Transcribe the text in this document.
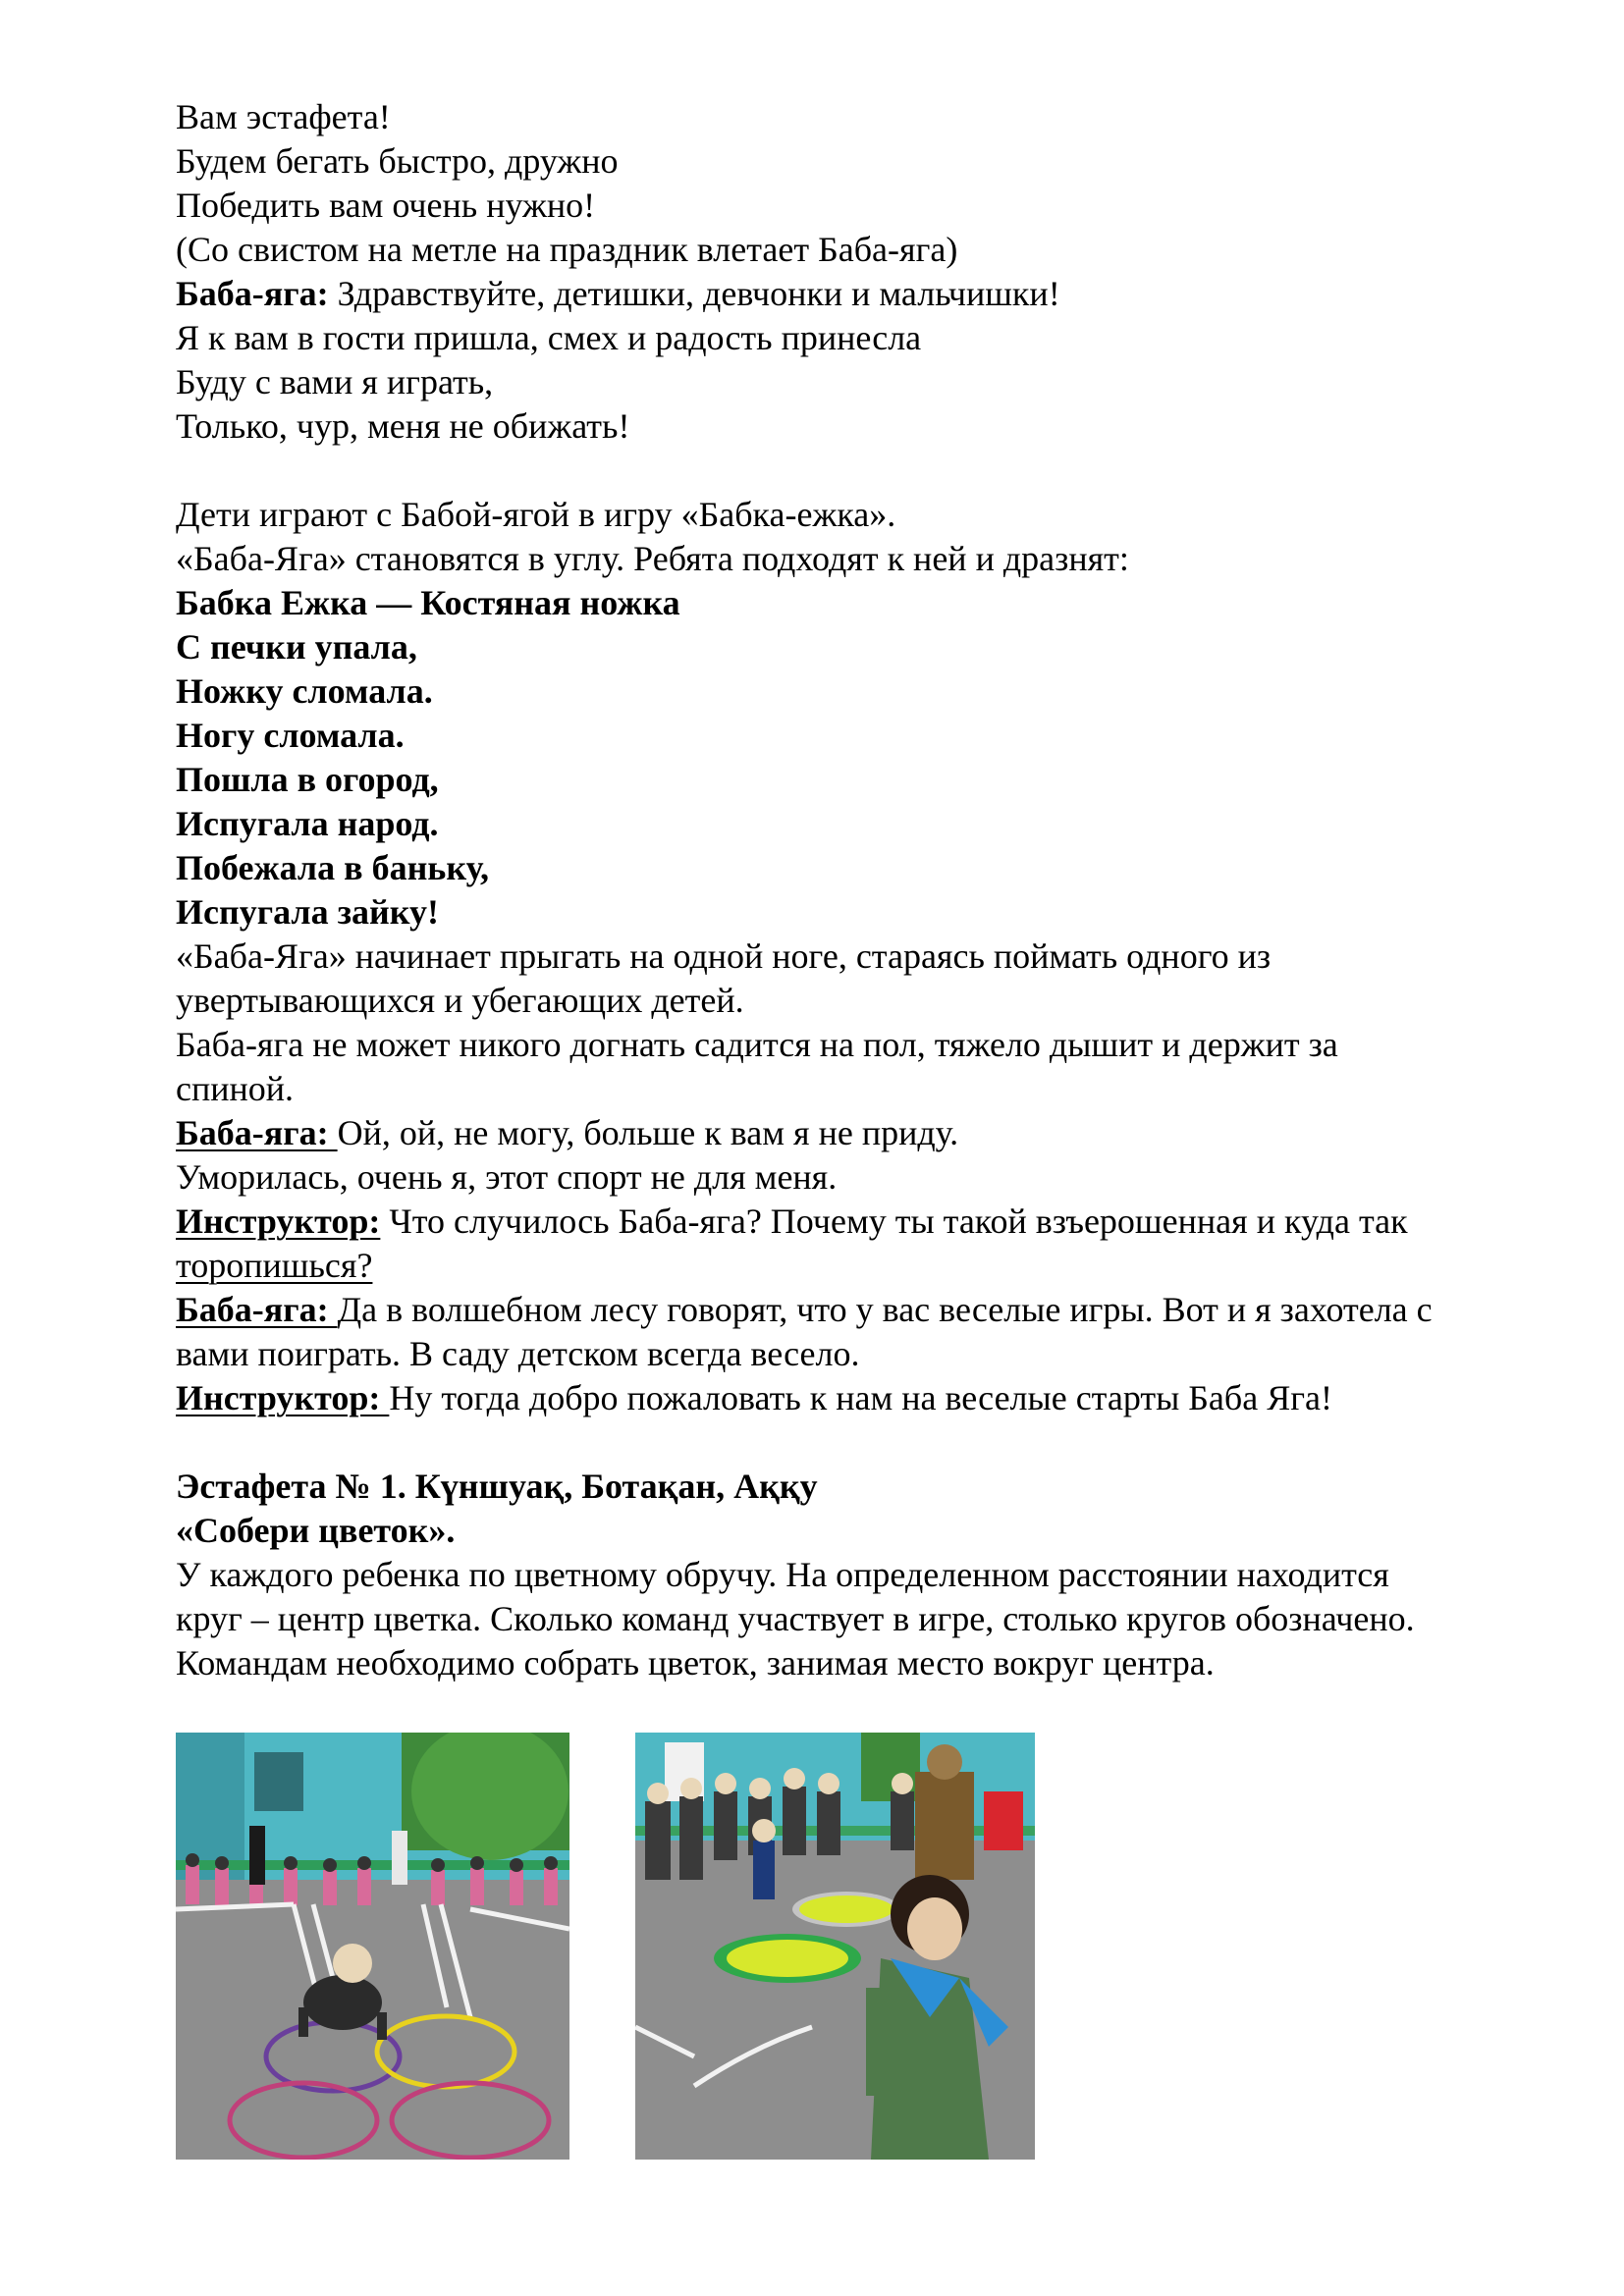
Вам эстафета!

Будем бегать быстро, дружно

Победить вам очень нужно!

(Со свистом на метле на праздник влетает Баба-яга)

Баба-яга: Здравствуйте, детишки, девчонки и мальчишки!

Я к вам в гости пришла, смех и радость принесла

Буду с вами я играть,

Только, чур, меня не обижать!

Дети играют с Бабой-ягой в игру «Бабка-ежка».

«Баба-Яга» становятся в углу. Ребята подходят к ней и дразнят:

Бабка Ежка — Костяная ножка

С печки упала,

Ножку сломала.

Ногу сломала.

Пошла в огород,

Испугала народ.

Побежала в баньку,

Испугала зайку!

«Баба-Яга» начинает прыгать на одной ноге, стараясь поймать одного из

увертывающихся и убегающих детей.

Баба-яга не может никого догнать садится на пол, тяжело дышит и держит за

спиной.

Баба-яга: Ой, ой, не могу, больше к вам я не приду.

Уморилась, очень я, этот спорт не для меня.

Инструктор: Что случилось Баба-яга? Почему ты такой взъерошенная и куда так

торопишься?

Баба-яга: Да в волшебном лесу говорят, что у вас веселые игры. Вот и я захотела с

вами поиграть. В саду детском всегда весело.

Инструктор: Ну тогда добро пожаловать к нам на веселые старты Баба Яга!

Эстафета № 1. Күншуақ, Ботақан, Аққу

«Собери цветок».

У каждого ребенка по цветному обручу. На определенном расстоянии находится

круг – центр цветка. Сколько команд участвует в игре, столько кругов обозначено.

Командам необходимо собрать цветок, занимая место вокруг центра.
